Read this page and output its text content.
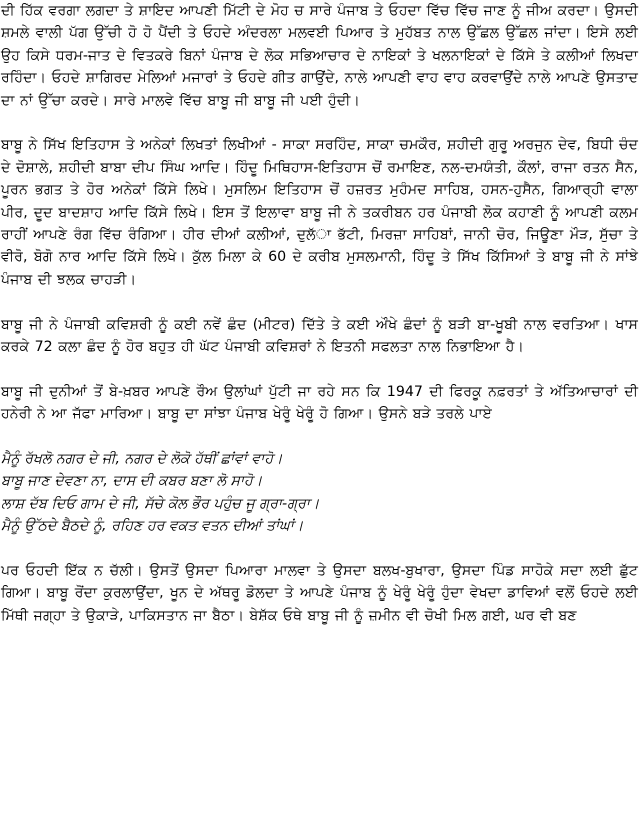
ਦੀ ਹਿੱਕ ਵਰਗਾ ਲਗਦਾ ਤੇ ਸ਼ਾਇਦ ਆਪਣੀ ਮਿੱਟੀ ਦੇ ਮੋਹ ਚ ਸਾਰੇ ਪੰਜਾਬ ਤੇ ਓਹਦਾ ਵਿੱਚ ਵਿੱਚ ਜਾਣ ਨੂੰ ਜੀਅ ਕਰਦਾ। ਉਸਦੀ ਸ਼ਮਲੇ ਵਾਲੀ ਪੱਗ ਉੱਚੀ ਹੋ ਹੋ ਪੈਂਦੀ ਤੇ ਓਹਦੇ ਅੰਦਰਲਾ ਮਲਵਈ ਪਿਆਰ ਤੇ ਮੁਹੱਬਤ ਨਾਲ ਉੱਛਲ ਉੱਛਲ ਜਾਂਦਾ। ਇਸੇ ਲਈ ਉਹ ਕਿਸੇ ਧਰਮ-ਜਾਤ ਦੇ ਵਿਤਕਰੇ ਬਿਨਾਂ ਪੰਜਾਬ ਦੇ ਲੋਕ ਸਭਿਆਚਾਰ ਦੇ ਨਾਇਕਾਂ ਤੇ ਖਲਨਾਇਕਾਂ ਦੇ ਕਿੱਸੇ ਤੇ ਕਲੀਆਂ ਲਿਖਦਾ ਰਹਿੰਦਾ। ਓਹਦੇ ਸ਼ਾਗਿਰਦ ਮੇਲਿਆਂ ਮਜਾਰਾਂ ਤੇ ਓਹਦੇ ਗੀਤ ਗਾਉਂਦੇ, ਨਾਲੇ ਆਪਣੀ ਵਾਹ ਵਾਹ ਕਰਵਾਉਂਦੇ ਨਾਲੇ ਆਪਣੇ ਉਸਤਾਦ ਦਾ ਨਾਂ ਉੱਚਾ ਕਰਦੇ। ਸਾਰੇ ਮਾਲਵੇ ਵਿੱਚ ਬਾਬੂ ਜੀ ਬਾਬੂ ਜੀ ਪਈ ਹੁੰਦੀ।

ਬਾਬੂ ਨੇ ਸਿੱਖ ਇਤਿਹਾਸ ਤੇ ਅਨੇਕਾਂ ਲਿਖਤਾਂ ਲਿਖੀਆਂ - ਸਾਕਾ ਸਰਹਿੰਦ, ਸਾਕਾ ਚਮਕੌਰ, ਸ਼ਹੀਦੀ ਗੁਰੂ ਅਰਜੁਨ ਦੇਵ, ਬਿਧੀ ਚੰਦ ਦੇ ਦੋਸ਼ਾਲੇ, ਸ਼ਹੀਦੀ ਬਾਬਾ ਦੀਪ ਸਿੰਘ ਆਦਿ। ਹਿੰਦੂ ਮਿਥਿਹਾਸ-ਇਤਿਹਾਸ ਚੋਂ ਰਮਾਇਣ, ਨਲ-ਦਮਯੰਤੀ, ਕੌਲਾਂ, ਰਾਜਾ ਰਤਨ ਸੈਨ, ਪੂਰਨ ਭਗਤ ਤੇ ਹੋਰ ਅਨੇਕਾਂ ਕਿੱਸੇ ਲਿਖੇ। ਮੁਸਲਿਮ ਇਤਿਹਾਸ ਚੋਂ ਹਜ਼ਰਤ ਮੁਹੰਮਦ ਸਾਹਿਬ, ਹਸਨ-ਹੁਸੈਨ, ਗਿਆਰ੍ਹੀ ਵਾਲਾ ਪੀਰ, ਦੂਦ ਬਾਦਸ਼ਾਹ ਆਦਿ ਕਿੱਸੇ ਲਿਖੇ। ਇਸ ਤੋਂ ਇਲਾਵਾ ਬਾਬੂ ਜੀ ਨੇ ਤਕਰੀਬਨ ਹਰ ਪੰਜਾਬੀ ਲੋਕ ਕਹਾਣੀ ਨੂੰ ਆਪਣੀ ਕਲਮ ਰਾਹੀਂ ਆਪਣੇ ਰੰਗ ਵਿੱਚ ਰੰਗਿਆ। ਹੀਰ ਦੀਆਂ ਕਲੀਆਂ, ਦੁਲੱਾ ਭੱਟੀ, ਮਿਰਜ਼ਾ ਸਾਹਿਬਾਂ, ਜਾਨੀ ਚੋਰ, ਜਿਊਣਾ ਮੌੜ, ਸੁੱਚਾ ਤੇ ਵੀਰੋ, ਬੋਗੋ ਨਾਰ ਆਦਿ ਕਿੱਸੇ ਲਿਖੇ। ਕੁੱਲ ਮਿਲਾ ਕੇ 60 ਦੇ ਕਰੀਬ ਮੁਸਲਮਾਨੀ, ਹਿੰਦੂ ਤੇ ਸਿੱਖ ਕਿੱਸਿਆਂ ਤੇ ਬਾਬੂ ਜੀ ਨੇ ਸਾਂਝੇ ਪੰਜਾਬ ਦੀ ਝਲਕ ਚਾਹੜੀ।

ਬਾਬੂ ਜੀ ਨੇ ਪੰਜਾਬੀ ਕਵਿਸ਼ਰੀ ਨੂੰ ਕਈ ਨਵੇਂ ਛੰਦ (ਮੀਟਰ) ਦਿੱਤੇ ਤੇ ਕਈ ਔਖੇ ਛੰਦਾਂ ਨੂੰ ਬੜੀ ਬਾ-ਖੂਬੀ ਨਾਲ ਵਰਤਿਆ। ਖਾਸ ਕਰਕੇ 72 ਕਲਾ ਛੰਦ ਨੂੰ ਹੋਰ ਬਹੁਤ ਹੀ ਘੱਟ ਪੰਜਾਬੀ ਕਵਿਸ਼ਰਾਂ ਨੇ ਇਤਨੀ ਸਫਲਤਾ ਨਾਲ ਨਿਭਾਇਆ ਹੈ।

ਬਾਬੂ ਜੀ ਦੁਨੀਆਂ ਤੋਂ ਬੇ-ਖ਼ਬਰ ਆਪਣੇ ਰੌਅ ਉਲਾਂਘਾਂ ਪੁੱਟੀ ਜਾ ਰਹੇ ਸਨ ਕਿ 1947 ਦੀ ਫਿਰਕੂ ਨਫ਼ਰਤਾਂ ਤੇ ਅੱਤਿਆਚਾਰਾਂ ਦੀ ਹਨੇਰੀ ਨੇ ਆ ਜੱਫਾ ਮਾਰਿਆ। ਬਾਬੂ ਦਾ ਸਾਂਝਾ ਪੰਜਾਬ ਖੇਰੂੰ ਖੇਰੂੰ ਹੋ ਗਿਆ। ਉਸਨੇ ਬੜੇ ਤਰਲੇ ਪਾਏ

ਮੈਨੂੰ ਰੱਖਲੋ ਨਗਰ ਦੇ ਜੀ, ਨਗਰ ਦੇ ਲੋਕੋ ਹੱਥੀਂ ਛਾਂਵਾਂ ਵਾਹੋ।

ਬਾਬੂ ਜਾਣ ਦੇਵਣਾ ਨਾ, ਦਾਸ ਦੀ ਕਬਰ ਬਣਾ ਲੋ ਸਾਹੋ।

ਲਾਸ਼ ਦੱਬ ਦਿਓ ਗਾਮ ਦੇ ਜੀ, ਸੱਚੇ ਕੋਲ ਭੌਰ ਪਹੁੰਚ ਜੂ ਗ੍ਰਾ-ਗ੍ਰਾ।

ਮੈਨੂੰ ਉੱਠਦੇ ਬੈਠਦੇ ਨੂੰ, ਰਹਿਣ ਹਰ ਵਕਤ ਵਤਨ ਦੀਆਂ ਤਾਂਘਾਂ।

ਪਰ ਓਹਦੀ ਇੱਕ ਨ ਚੱਲੀ। ਉਸਤੋਂ ਉਸਦਾ ਪਿਆਰਾ ਮਾਲਵਾ ਤੇ ਉਸਦਾ ਬਲਖ-ਬੁਖਾਰਾ, ਉਸਦਾ ਪਿੰਡ ਸਾਹੋਕੇ ਸਦਾ ਲਈ ਛੁੱਟ ਗਿਆ। ਬਾਬੂ ਰੋਂਦਾ ਕੁਰਲਾਉਂਦਾ, ਖੂਨ ਦੇ ਅੱਥਰੂ ਡੋਲਦਾ ਤੇ ਆਪਣੇ ਪੰਜਾਬ ਨੂੰ ਖੇਰੂੰ ਖੇਰੂੰ ਹੁੰਦਾ ਵੇਖਦਾ ਡਾਵਿਆਂ ਵਲੋਂ ਓਹਦੇ ਲਈ ਮਿੱਥੀ ਜਗ੍ਹਾ ਤੇ ਉਕਾੜੇ, ਪਾਕਿਸਤਾਨ ਜਾ ਬੈਠਾ। ਬੇਸ਼ੱਕ ਓਥੇ ਬਾਬੂ ਜੀ ਨੂੰ ਜ਼ਮੀਨ ਵੀ ਚੋਖੀ ਮਿਲ ਗਈ, ਘਰ ਵੀ ਬਣ
